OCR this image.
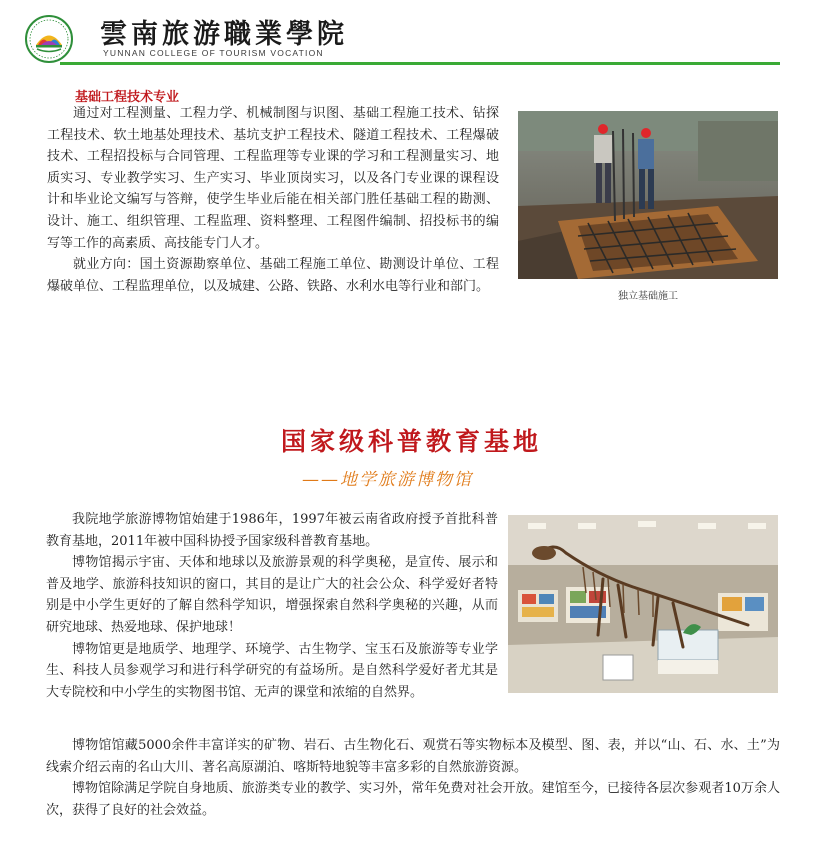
雲南旅游職業學院
YUNNAN COLLEGE OF TOURISM VOCATION
基础工程技术专业

通过对工程测量、工程力学、机械制图与识图、基础工程施工技术、钻探工程技术、软土地基处理技术、基坑支护工程技术、隧道工程技术、工程爆破技术、工程招投标与合同管理、工程监理等专业课的学习和工程测量实习、地质实习、专业教学实习、生产实习、毕业顶岗实习，以及各门专业课的课程设计和毕业论文编写与答辩，使学生毕业后能在相关部门胜任基础工程的勘测、设计、施工、组织管理、工程监理、资料整理、工程图件编制、招投标书的编写等工作的高素质、高技能专门人才。

就业方向：国土资源勘察单位、基础工程施工单位、勘测设计单位、工程爆破单位、工程监理单位，以及城建、公路、铁路、水利水电等行业和部门。

独立基础施工
国家级科普教育基地
——地学旅游博物馆

我院地学旅游博物馆始建于1986年，1997年被云南省政府授予首批科普教育基地，2011年被中国科协授予国家级科普教育基地。

博物馆揭示宇宙、天体和地球以及旅游景观的科学奥秘，是宣传、展示和普及地学、旅游科技知识的窗口，其目的是让广大的社会公众、科学爱好者特别是中小学生更好的了解自然科学知识，增强探索自然科学奥秘的兴趣，从而研究地球、热爱地球、保护地球！

博物馆更是地质学、地理学、环境学、古生物学、宝玉石及旅游等专业学生、科技人员参观学习和进行科学研究的有益场所。是自然科学爱好者尤其是大专院校和中小学生的实物图书馆、无声的课堂和浓缩的自然界。

博物馆馆藏5000余件丰富详实的矿物、岩石、古生物化石、观赏石等实物标本及模型、图、表，并以“山、石、水、土”为线索介绍云南的名山大川、著名高原湖泊、喀斯特地貌等丰富多彩的自然旅游资源。

博物馆除满足学院自身地质、旅游类专业的教学、实习外，常年免费对社会开放。建馆至今，已接待各层次参观者10万余人次，获得了良好的社会效益。
